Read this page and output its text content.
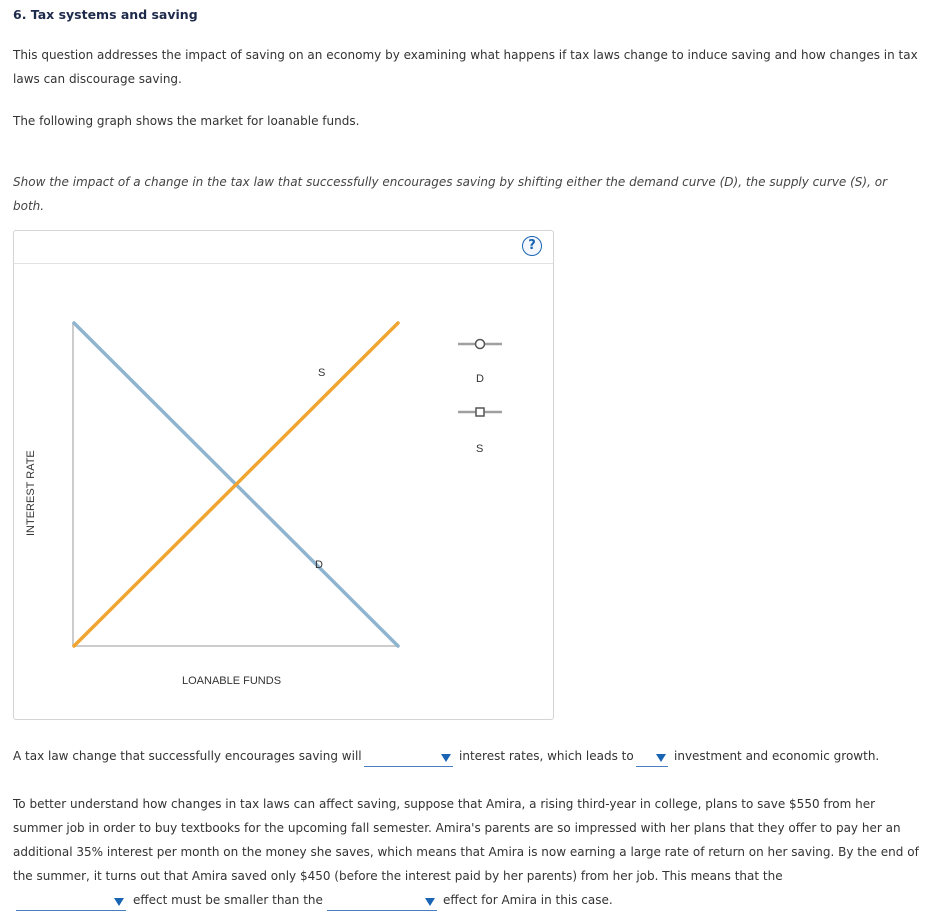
6. Tax systems and saving
This question addresses the impact of saving on an economy by examining what happens if tax laws change to induce saving and how changes in tax
laws can discourage saving.
The following graph shows the market for loanable funds.
Show the impact of a change in the tax law that successfully encourages saving by shifting either the demand curve (D), the supply curve (S), or
both.
?
S
D
LOANABLE FUNDS
INTEREST RATE
D
S
A tax law change that successfully encourages saving will	interest rates, which leads to	investment and economic growth.
To better understand how changes in tax laws can affect saving, suppose that Amira, a rising third-year in college, plans to save $550 from her
summer job in order to buy textbooks for the upcoming fall semester. Amira's parents are so impressed with her plans that they offer to pay her an
additional 35% interest per month on the money she saves, which means that Amira is now earning a large rate of return on her saving. By the end of
the summer, it turns out that Amira saved only $450 (before the interest paid by her parents) from her job. This means that the
effect must be smaller than the	effect for Amira in this case.
